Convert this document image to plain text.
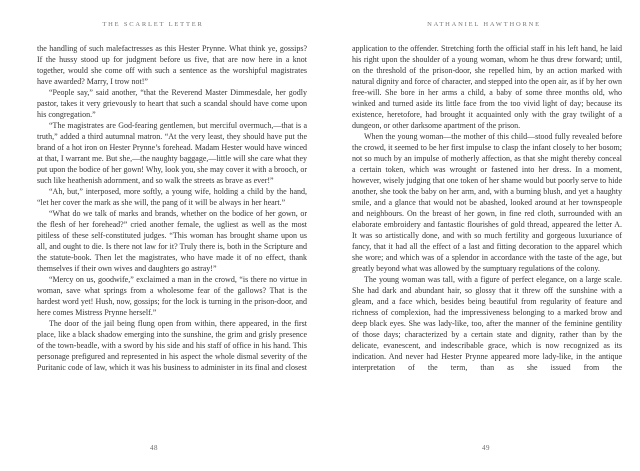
THE SCARLET LETTER

the handling of such malefactresses as this Hester Prynne. What think ye, gossips? If the hussy stood up for judgment before us five, that are now here in a knot together, would she come off with such a sentence as the worshipful magistrates have awarded? Marry, I trow not!”

“People say,” said another, “that the Reverend Master Dimmesdale, her godly pastor, takes it very grievously to heart that such a scandal should have come upon his congregation.”

“The magistrates are God-fearing gentlemen, but merciful overmuch,—that is a truth,” added a third autumnal matron. “At the very least, they should have put the brand of a hot iron on Hester Prynne’s forehead. Madam Hester would have winced at that, I warrant me. But she,—the naughty baggage,—little will she care what they put upon the bodice of her gown! Why, look you, she may cover it with a brooch, or such like heathenish adornment, and so walk the streets as brave as ever!”

“Ah, but,” interposed, more softly, a young wife, holding a child by the hand, “let her cover the mark as she will, the pang of it will be always in her heart.”

“What do we talk of marks and brands, whether on the bodice of her gown, or the flesh of her forehead?” cried another female, the ugliest as well as the most pitiless of these self-constituted judges. “This woman has brought shame upon us all, and ought to die. Is there not law for it? Truly there is, both in the Scripture and the statute-book. Then let the magistrates, who have made it of no effect, thank themselves if their own wives and daughters go astray!”

“Mercy on us, goodwife,” exclaimed a man in the crowd, “is there no virtue in woman, save what springs from a wholesome fear of the gallows? That is the hardest word yet! Hush, now, gossips; for the lock is turning in the prison-door, and here comes Mistress Prynne herself.”

The door of the jail being flung open from within, there appeared, in the first place, like a black shadow emerging into the sunshine, the grim and grisly presence of the town-beadle, with a sword by his side and his staff of office in his hand. This personage prefigured and represented in his aspect the whole dismal severity of the Puritanic code of law, which it was his business to administer in its final and closest

48
NATHANIEL HAWTHORNE

application to the offender. Stretching forth the official staff in his left hand, he laid his right upon the shoulder of a young woman, whom he thus drew forward; until, on the threshold of the prison-door, she repelled him, by an action marked with natural dignity and force of character, and stepped into the open air, as if by her own free-will. She bore in her arms a child, a baby of some three months old, who winked and turned aside its little face from the too vivid light of day; because its existence, heretofore, had brought it acquainted only with the gray twilight of a dungeon, or other darksome apartment of the prison.

When the young woman—the mother of this child—stood fully revealed before the crowd, it seemed to be her first impulse to clasp the infant closely to her bosom; not so much by an impulse of motherly affection, as that she might thereby conceal a certain token, which was wrought or fastened into her dress. In a moment, however, wisely judging that one token of her shame would but poorly serve to hide another, she took the baby on her arm, and, with a burning blush, and yet a haughty smile, and a glance that would not be abashed, looked around at her townspeople and neighbours. On the breast of her gown, in fine red cloth, surrounded with an elaborate embroidery and fantastic flourishes of gold thread, appeared the letter A. It was so artistically done, and with so much fertility and gorgeous luxuriance of fancy, that it had all the effect of a last and fitting decoration to the apparel which she wore; and which was of a splendor in accordance with the taste of the age, but greatly beyond what was allowed by the sumptuary regulations of the colony.

The young woman was tall, with a figure of perfect elegance, on a large scale. She had dark and abundant hair, so glossy that it threw off the sunshine with a gleam, and a face which, besides being beautiful from regularity of feature and richness of complexion, had the impressiveness belonging to a marked brow and deep black eyes. She was lady-like, too, after the manner of the feminine gentility of those days; characterized by a certain state and dignity, rather than by the delicate, evanescent, and indescribable grace, which is now recognized as its indication. And never had Hester Prynne appeared more lady-like, in the antique interpretation of the term, than as she issued from the

49
